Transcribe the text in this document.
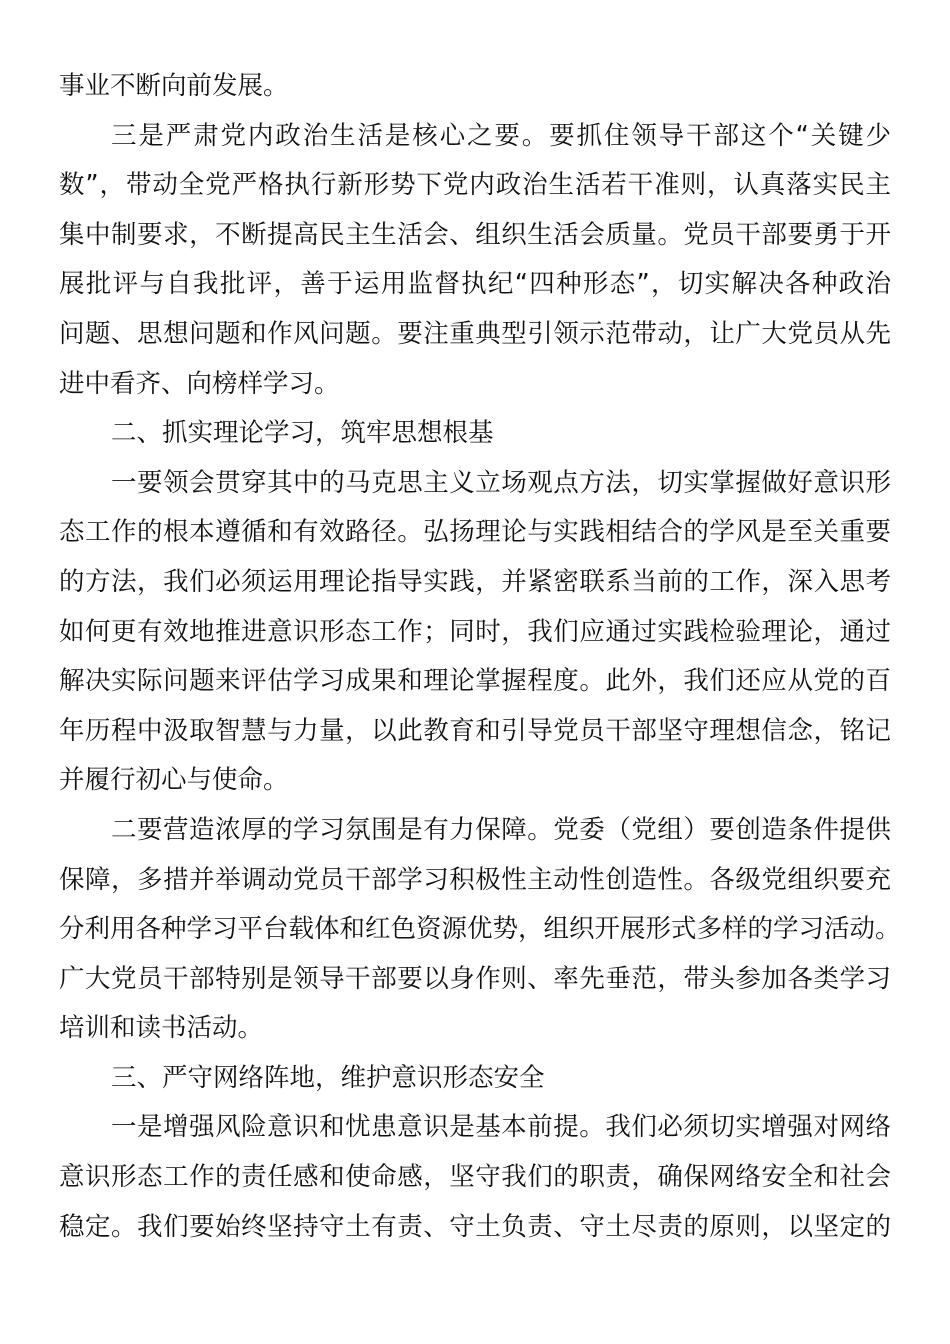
事业不断向前发展。
三是严肃党内政治生活是核心之要。要抓住领导干部这个“关键少
数”，带动全党严格执行新形势下党内政治生活若干准则，认真落实民主
集中制要求，不断提高民主生活会、组织生活会质量。党员干部要勇于开
展批评与自我批评，善于运用监督执纪“四种形态”，切实解决各种政治
问题、思想问题和作风问题。要注重典型引领示范带动，让广大党员从先
进中看齐、向榜样学习。
二、抓实理论学习，筑牢思想根基
一要领会贯穿其中的马克思主义立场观点方法，切实掌握做好意识形
态工作的根本遵循和有效路径。弘扬理论与实践相结合的学风是至关重要
的方法，我们必须运用理论指导实践，并紧密联系当前的工作，深入思考
如何更有效地推进意识形态工作；同时，我们应通过实践检验理论，通过
解决实际问题来评估学习成果和理论掌握程度。此外，我们还应从党的百
年历程中汲取智慧与力量，以此教育和引导党员干部坚守理想信念，铭记
并履行初心与使命。
二要营造浓厚的学习氛围是有力保障。党委（党组）要创造条件提供
保障，多措并举调动党员干部学习积极性主动性创造性。各级党组织要充
分利用各种学习平台载体和红色资源优势，组织开展形式多样的学习活动。
广大党员干部特别是领导干部要以身作则、率先垂范，带头参加各类学习
培训和读书活动。
三、严守网络阵地，维护意识形态安全
一是增强风险意识和忧患意识是基本前提。我们必须切实增强对网络
意识形态工作的责任感和使命感，坚守我们的职责，确保网络安全和社会
稳定。我们要始终坚持守土有责、守土负责、守土尽责的原则，以坚定的
